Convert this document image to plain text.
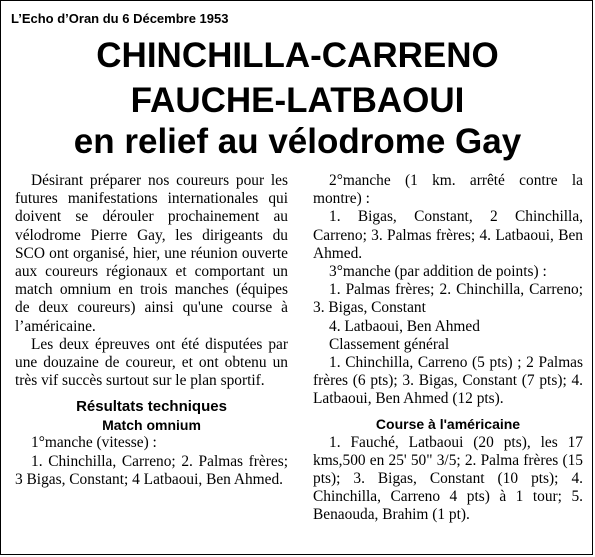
L’Echo d’Oran du 6 Décembre 1953
CHINCHILLA-CARRENO
FAUCHE-LATBAOUI
en relief au vélodrome Gay

Désirant préparer nos coureurs pour les futures manifestations internationales qui doivent se dérouler prochainement au vélodrome Pierre Gay, les dirigeants du SCO ont organisé, hier, une réunion ouverte aux coureurs régionaux et comportant un match omnium en trois manches (équipes de deux coureurs) ainsi qu'une course à l’américaine.

Les deux épreuves ont été disputées par une douzaine de coureur, et ont obtenu un très vif succès surtout sur le plan sportif.

Résultats techniques
Match omnium

1°manche (vitesse) :

1. Chinchilla, Carreno; 2. Palmas frères; 3 Bigas, Constant; 4 Latbaoui, Ben Ahmed.

2°manche (1 km. arrêté contre la montre) :

1. Bigas, Constant, 2 Chinchilla, Carreno; 3. Palmas frères; 4. Latbaoui, Ben Ahmed.

3°manche (par addition de points) :

1. Palmas frères; 2. Chinchilla, Carreno; 3. Bigas, Constant

4. Latbaoui, Ben Ahmed

Classement général

1. Chinchilla, Carreno (5 pts) ; 2 Palmas frères (6 pts); 3. Bigas, Constant (7 pts); 4. Latbaoui, Ben Ahmed (12 pts).

Course à l'américaine

1. Fauché, Latbaoui (20 pts), les 17 kms,500 en 25' 50" 3/5; 2. Palma frères (15 pts); 3. Bigas, Constant (10 pts); 4. Chinchilla, Carreno 4 pts) à 1 tour; 5. Benaouda, Brahim (1 pt).
